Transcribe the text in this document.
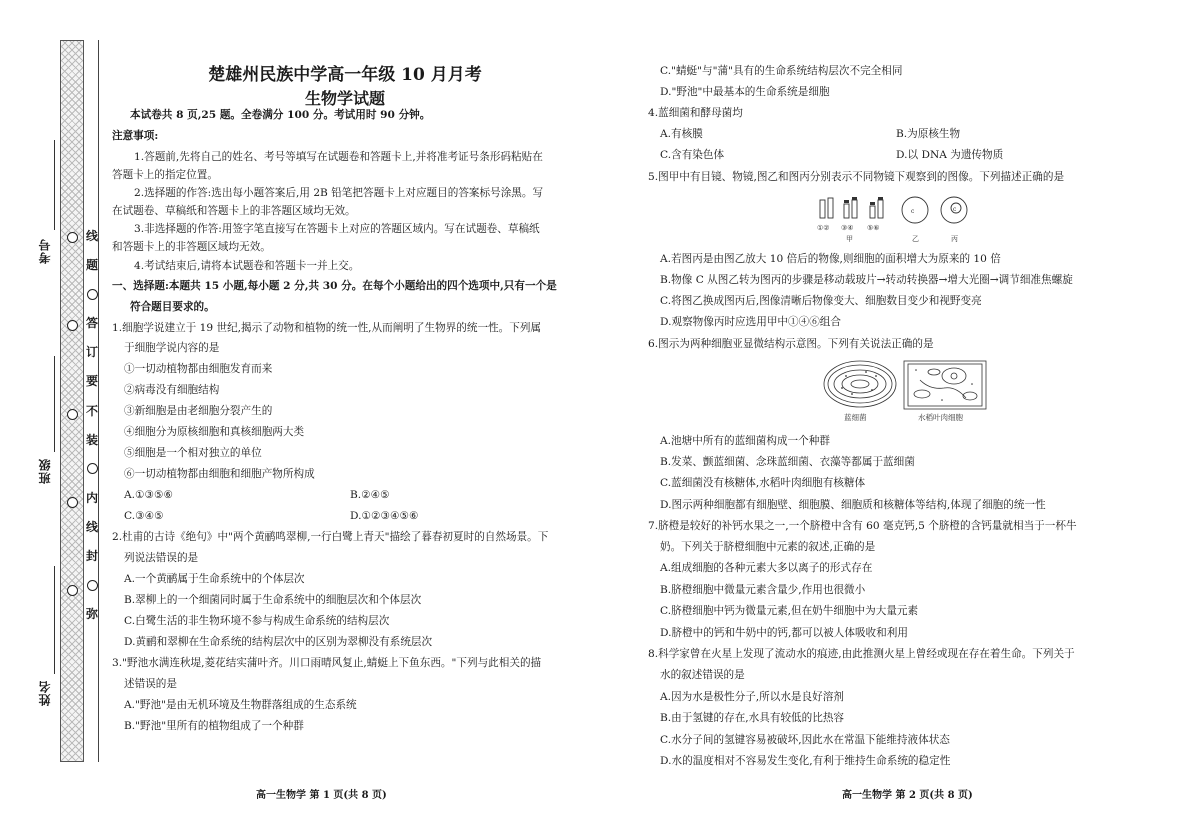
考号
班级
姓名
线
题
答
订
要
不
装
内
线
封
弥
楚雄州民族中学高一年级 10 月月考
生物学试题
本试卷共 8 页,25 题。全卷满分 100 分。考试用时 90 分钟。
注意事项:
1.答题前,先将自己的姓名、考号等填写在试题卷和答题卡上,并将准考证号条形码粘贴在
答题卡上的指定位置。
2.选择题的作答:选出每小题答案后,用 2B 铅笔把答题卡上对应题目的答案标号涂黑。写
在试题卷、草稿纸和答题卡上的非答题区域均无效。
3.非选择题的作答:用签字笔直接写在答题卡上对应的答题区域内。写在试题卷、草稿纸
和答题卡上的非答题区域均无效。
4.考试结束后,请将本试题卷和答题卡一并上交。
一、选择题:本题共 15 小题,每小题 2 分,共 30 分。在每个小题给出的四个选项中,只有一个是
符合题目要求的。
1.细胞学说建立于 19 世纪,揭示了动物和植物的统一性,从而阐明了生物界的统一性。下列属
于细胞学说内容的是
①一切动植物都由细胞发育而来
②病毒没有细胞结构
③新细胞是由老细胞分裂产生的
④细胞分为原核细胞和真核细胞两大类
⑤细胞是一个相对独立的单位
⑥一切动植物都由细胞和细胞产物所构成
A.①③⑤⑥	B.②④⑤
C.③④⑤	D.①②③④⑤⑥
2.杜甫的古诗《绝句》中"两个黄鹂鸣翠柳,一行白鹭上青天"描绘了暮春初夏时的自然场景。下
列说法错误的是
A.一个黄鹂属于生命系统中的个体层次
B.翠柳上的一个细菌同时属于生命系统中的细胞层次和个体层次
C.白鹭生活的非生物环境不参与构成生命系统的结构层次
D.黄鹂和翠柳在生命系统的结构层次中的区别为翠柳没有系统层次
3."野池水满连秋堤,菱花结实蒲叶齐。川口雨晴风复止,蜻蜓上下鱼东西。"下列与此相关的描
述错误的是
A."野池"是由无机环境及生物群落组成的生态系统
B."野池"里所有的植物组成了一个种群
高一生物学 第 1 页(共 8 页)
C."蜻蜓"与"蒲"具有的生命系统结构层次不完全相同
D."野池"中最基本的生命系统是细胞
4.蓝细菌和酵母菌均
A.有核膜	B.为原核生物
C.含有染色体	D.以 DNA 为遗传物质
5.图甲中有目镜、物镜,图乙和图丙分别表示不同物镜下观察到的图像。下列描述正确的是
①② ③④ ⑤⑥
甲	乙	丙
c	c
A.若图丙是由图乙放大 10 倍后的物像,则细胞的面积增大为原来的 10 倍
B.物像 C 从图乙转为图丙的步骤是移动载玻片→转动转换器→增大光圈→调节细准焦螺旋
C.将图乙换成图丙后,图像清晰后物像变大、细胞数目变少和视野变亮
D.观察物像丙时应选用甲中①④⑥组合
6.图示为两种细胞亚显微结构示意图。下列有关说法正确的是
蓝细菌	水稻叶肉细胞
A.池塘中所有的蓝细菌构成一个种群
B.发菜、颤蓝细菌、念珠蓝细菌、衣藻等都属于蓝细菌
C.蓝细菌没有核糖体,水稻叶肉细胞有核糖体
D.图示两种细胞都有细胞壁、细胞膜、细胞质和核糖体等结构,体现了细胞的统一性
7.脐橙是较好的补钙水果之一,一个脐橙中含有 60 毫克钙,5 个脐橙的含钙量就相当于一杯牛
奶。下列关于脐橙细胞中元素的叙述,正确的是
A.组成细胞的各种元素大多以离子的形式存在
B.脐橙细胞中微量元素含量少,作用也很微小
C.脐橙细胞中钙为微量元素,但在奶牛细胞中为大量元素
D.脐橙中的钙和牛奶中的钙,都可以被人体吸收和利用
8.科学家曾在火星上发现了流动水的痕迹,由此推测火星上曾经或现在存在着生命。下列关于
水的叙述错误的是
A.因为水是极性分子,所以水是良好溶剂
B.由于氢键的存在,水具有较低的比热容
C.水分子间的氢键容易被破坏,因此水在常温下能维持液体状态
D.水的温度相对不容易发生变化,有利于维持生命系统的稳定性
高一生物学 第 2 页(共 8 页)
